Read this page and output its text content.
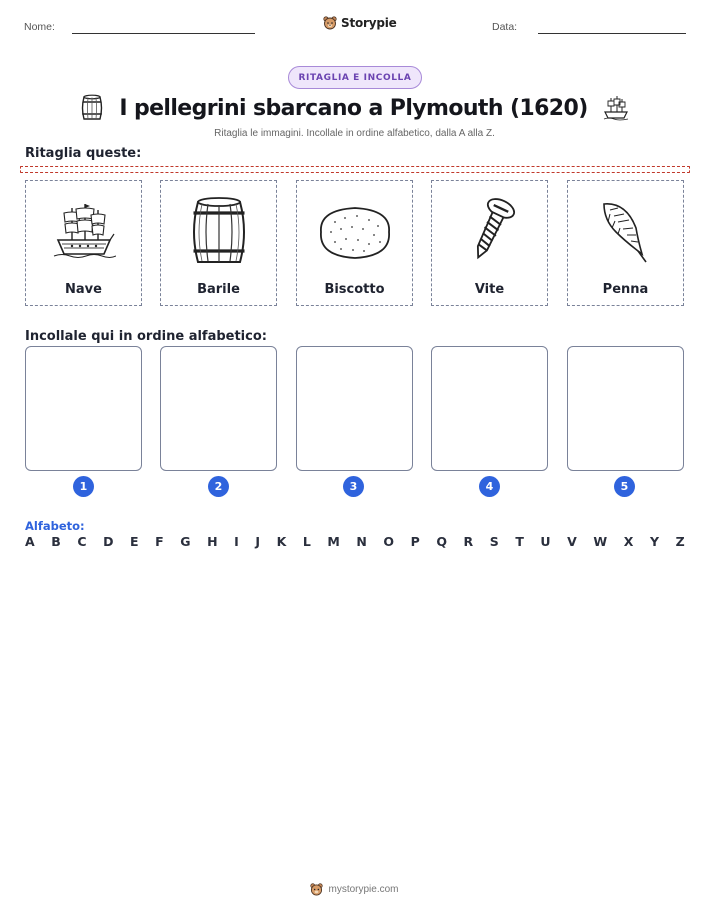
Nome:	Storypie	Data:
RITAGLIA E INCOLLA
I pellegrini sbarcano a Plymouth (1620)
Ritaglia le immagini. Incollale in ordine alfabetico, dalla A alla Z.
Ritaglia queste:
Nave	Barile	Biscotto	Vite	Penna
Incollale qui in ordine alfabetico:
1	2	3	4	5
Alfabeto:
A B C D E F G H I J K L M N O P Q R S T U V W X Y Z
mystorypie.com
